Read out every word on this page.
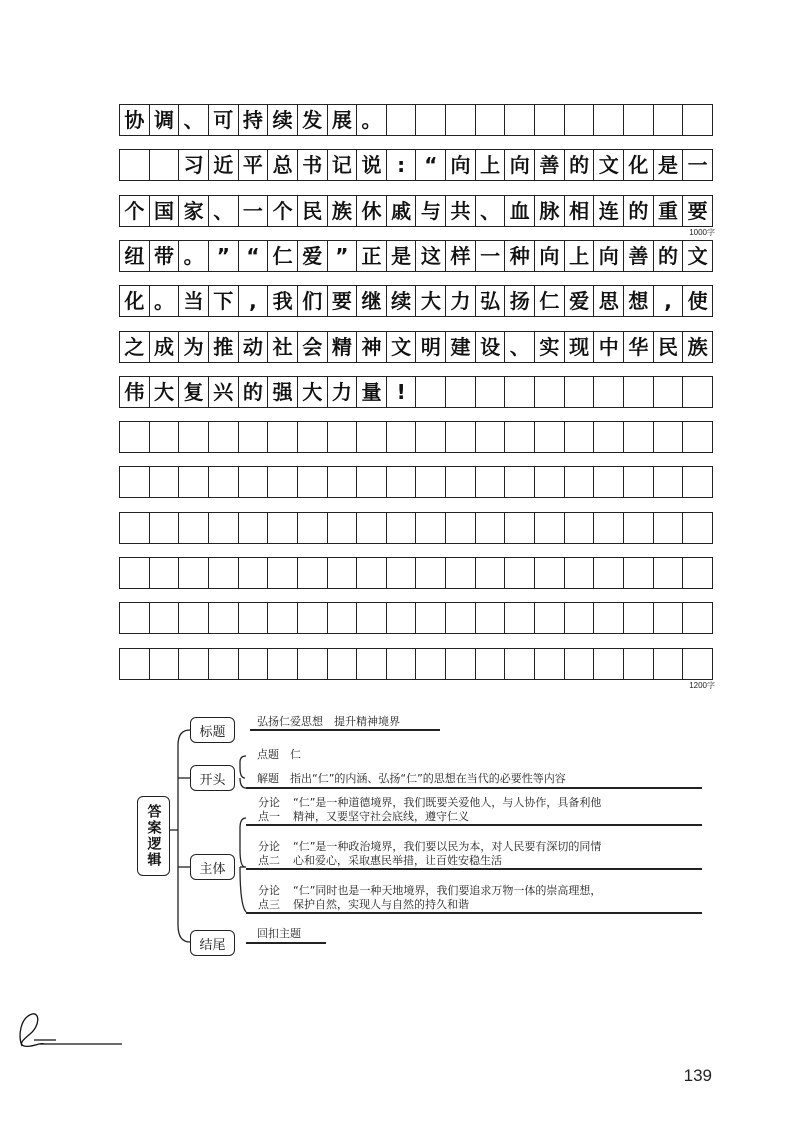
协 调 、 可 持 续 发 展 。
习 近 平 总 书 记 说 : “ 向 上 向 善 的 文 化 是 一
个 国 家 、 一 个 民 族 休 戚 与 共 、 血 脉 相 连 的 重 要
纽 带 。 ” “ 仁 爱 ” 正 是 这 样 一 种 向 上 向 善 的 文
化 。 当 下 , 我 们 要 继 续 大 力 弘 扬 仁 爱 思 想 , 使
之 成 为 推 动 社 会 精 神 文 明 建 设 、 实 现 中 华 民 族
伟 大 复 兴 的 强 大 力 量 !
1000字
1200字
答案逻辑
标题
弘扬仁爱思想　提升精神境界
开头
点题　仁
解题　指出“仁”的内涵、弘扬“仁”的思想在当代的必要性等内容
主体
分论 “仁”是一种道德境界，我们既要关爱他人，与人协作，具备利他
点一 精神，又要坚守社会底线，遵守仁义
分论 “仁”是一种政治境界，我们要以民为本，对人民要有深切的同情
点二 心和爱心，采取惠民举措，让百姓安稳生活
分论 “仁”同时也是一种天地境界，我们要追求万物一体的崇高理想，
点三 保护自然，实现人与自然的持久和谐
结尾
回扣主题
139
